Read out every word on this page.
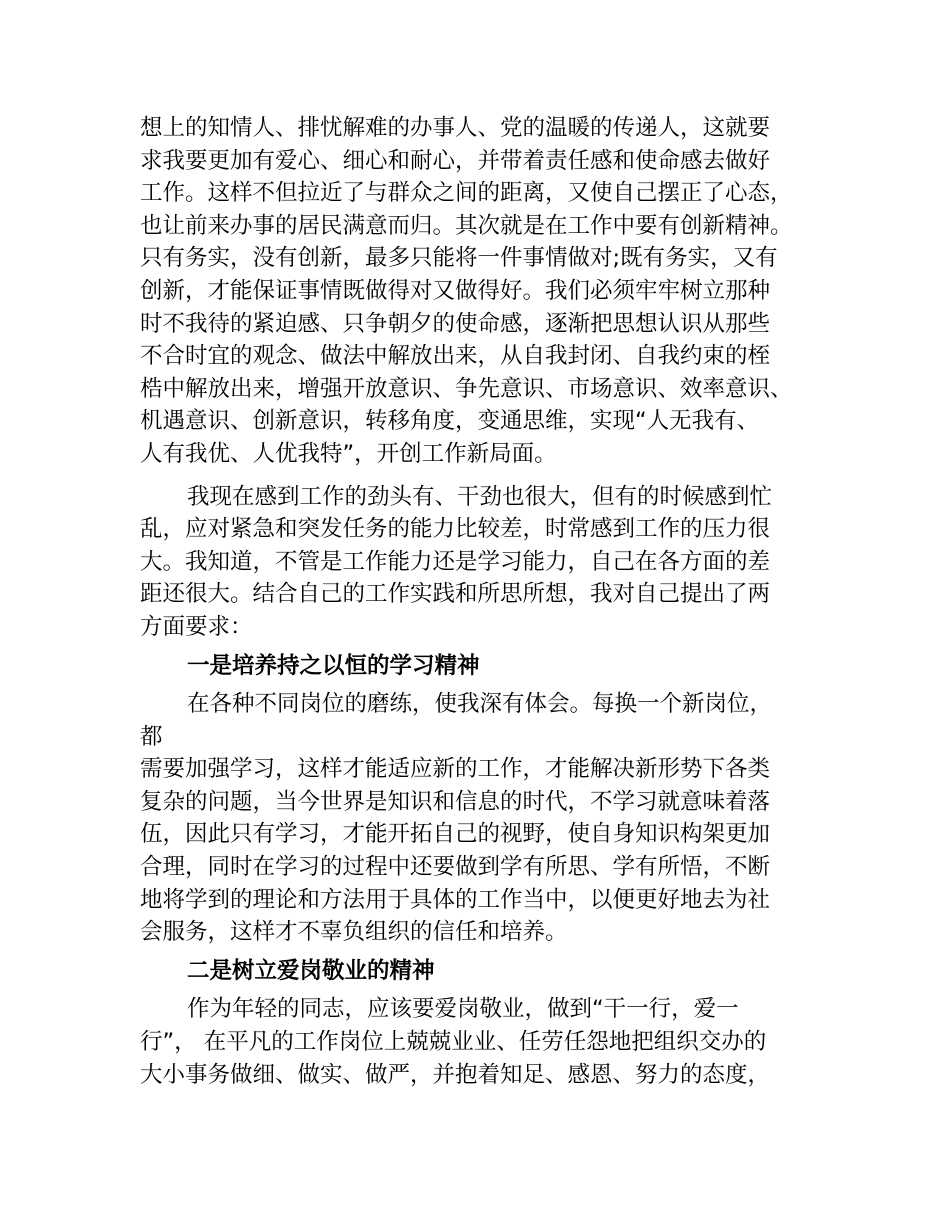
想上的知情人、排忧解难的办事人、党的温暖的传递人，这就要
求我要更加有爱心、细心和耐心，并带着责任感和使命感去做好
工作。这样不但拉近了与群众之间的距离，又使自己摆正了心态，
也让前来办事的居民满意而归。其次就是在工作中要有创新精神。
只有务实，没有创新，最多只能将一件事情做对;既有务实，又有
创新，才能保证事情既做得对又做得好。我们必须牢牢树立那种
时不我待的紧迫感、只争朝夕的使命感，逐渐把思想认识从那些
不合时宜的观念、做法中解放出来，从自我封闭、自我约束的桎
梏中解放出来，增强开放意识、争先意识、市场意识、效率意识、
机遇意识、创新意识，转移角度，变通思维，实现“人无我有、
人有我优、人优我特”，开创工作新局面。
我现在感到工作的劲头有、干劲也很大，但有的时候感到忙
乱，应对紧急和突发任务的能力比较差，时常感到工作的压力很
大。我知道，不管是工作能力还是学习能力，自己在各方面的差
距还很大。结合自己的工作实践和所思所想，我对自己提出了两
方面要求：
一是培养持之以恒的学习精神
在各种不同岗位的磨练，使我深有体会。每换一个新岗位，
都
需要加强学习，这样才能适应新的工作，才能解决新形势下各类
复杂的问题，当今世界是知识和信息的时代，不学习就意味着落
伍，因此只有学习，才能开拓自己的视野，使自身知识构架更加
合理，同时在学习的过程中还要做到学有所思、学有所悟，不断
地将学到的理论和方法用于具体的工作当中，以便更好地去为社
会服务，这样才不辜负组织的信任和培养。
二是树立爱岗敬业的精神
作为年轻的同志，应该要爱岗敬业，做到“干一行，爱一
行”， 在平凡的工作岗位上兢兢业业、任劳任怨地把组织交办的
大小事务做细、做实、做严，并抱着知足、感恩、努力的态度，
